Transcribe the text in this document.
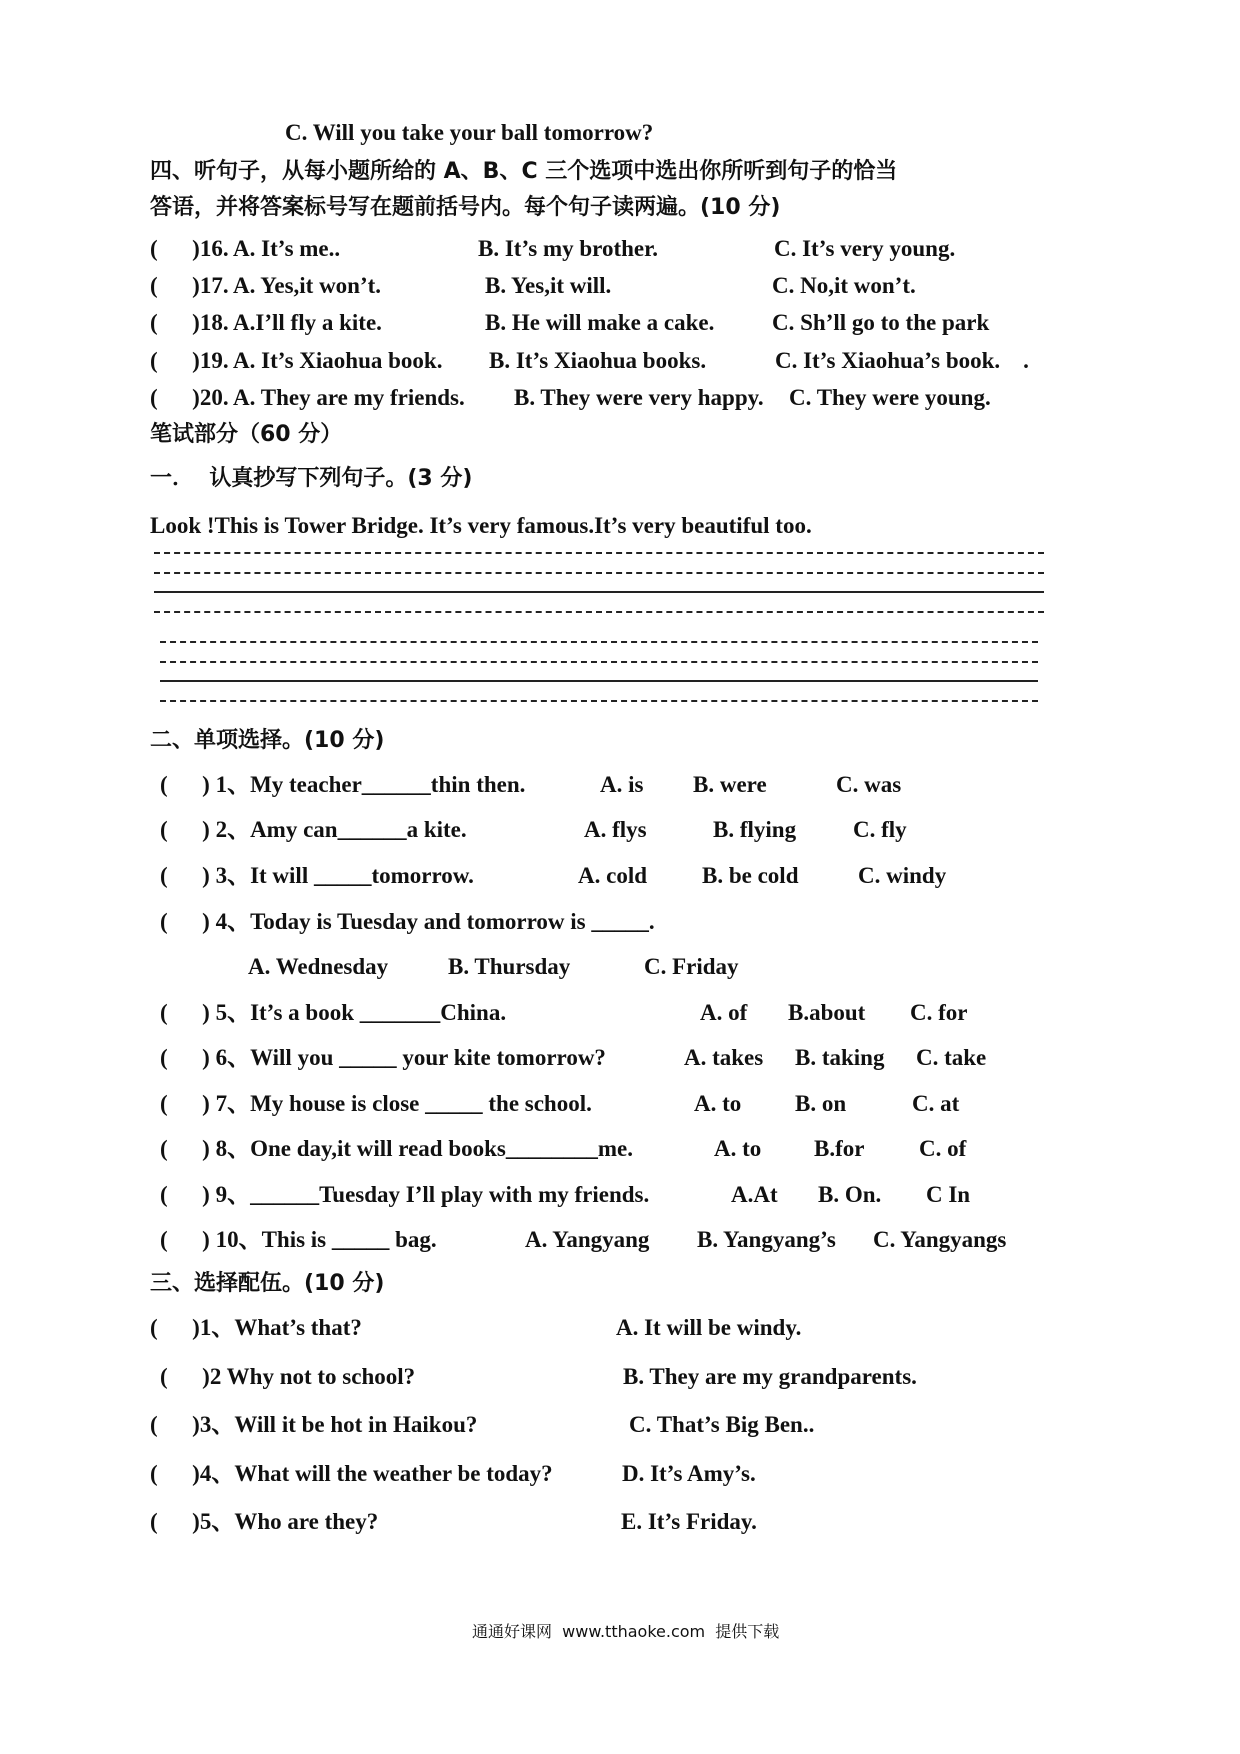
C. Will you take your ball tomorrow?
四、听句子，从每小题所给的 A、B、C 三个选项中选出你所听到句子的恰当
答语，并将答案标号写在题前括号内。每个句子读两遍。(10 分)
(      )16. A. It’s me..	B. It’s my brother.	C. It’s very young.
(      )17. A. Yes,it won’t.	B. Yes,it will.	C. No,it won’t.
(      )18. A.I’ll fly a kite.	B. He will make a cake.	C. Sh’ll go to the park
(      )19. A. It’s Xiaohua book. B. It’s Xiaohua books.	C. It’s Xiaohua’s book.    .
(      )20. A. They are my friends. B. They were very happy. C. They were young.
笔试部分（60 分）
一．  认真抄写下列句子。(3 分)
Look !This is Tower Bridge. It’s very famous.It’s very beautiful too.
二、单项选择。(10 分)
(      ) 1、My teacher______thin then.	A. is B. were	C. was
(      ) 2、Amy can______a kite.	A. flys	B. flying C. fly
(      ) 3、It will _____tomorrow.	A. cold B. be cold	C. windy
(      ) 4、Today is Tuesday and tomorrow is _____.
A. Wednesday	B. Thursday	C. Friday
(      ) 5、It’s a book _______China.	A. of B.about C. for
(      ) 6、Will you _____ your kite tomorrow?	A. takes B. taking C. take
(      ) 7、My house is close _____ the school.	A. to B. on	C. at
(      ) 8、One day,it will read books________me.	A. to B.for C. of
(      ) 9、______Tuesday I’ll play with my friends.	A.At B. On. C In
(      ) 10、This is _____ bag.	A. Yangyang B. Yangyang’s C. Yangyangs
三、选择配伍。(10 分)
(      )1、What’s that?	A. It will be windy.
(      )2 Why not to school?	B. They are my grandparents.
(      )3、Will it be hot in Haikou?	C. That’s Big Ben..
(      )4、What will the weather be today?	D. It’s Amy’s.
(      )5、Who are they?	E. It’s Friday.
通通好课网  www.tthaoke.com  提供下载
